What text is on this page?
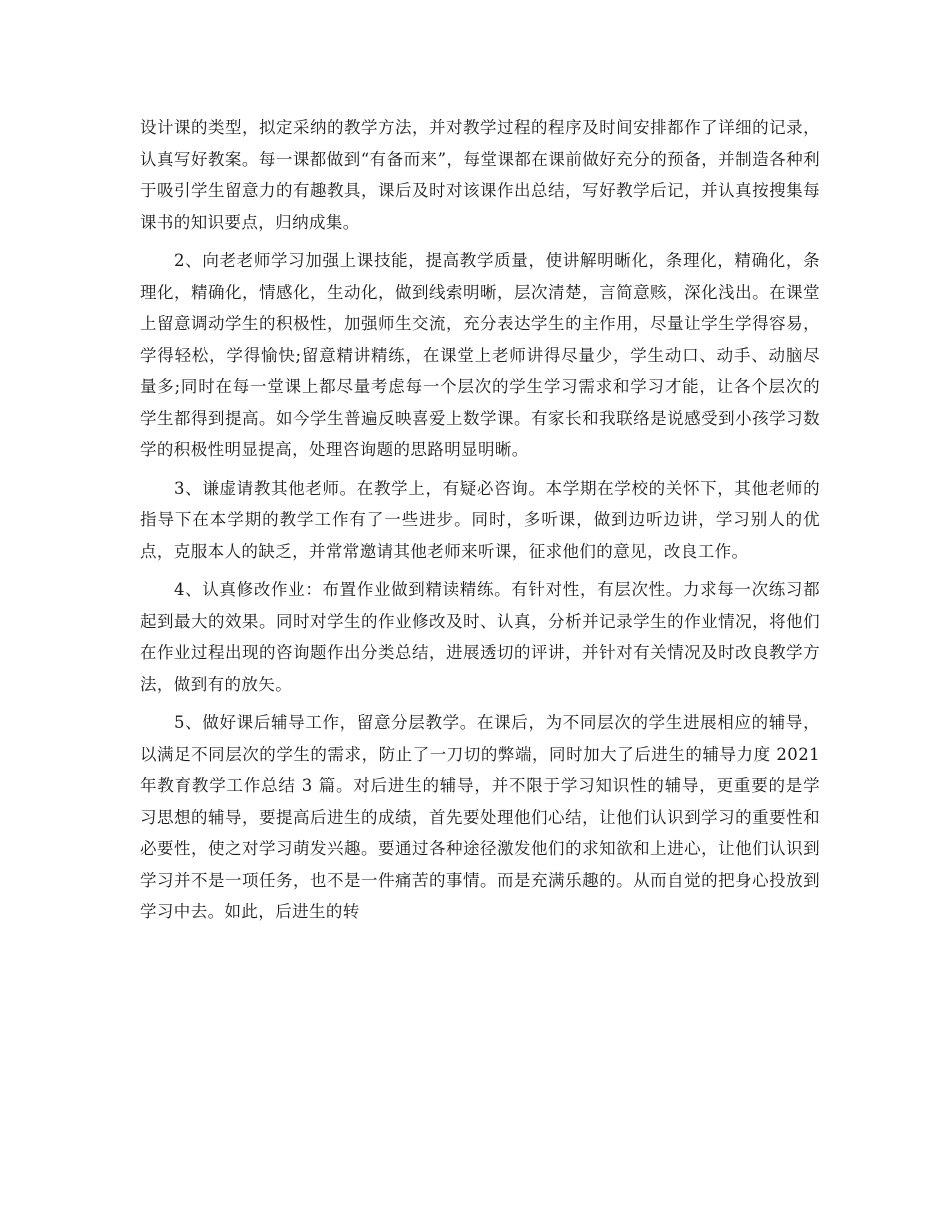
设计课的类型，拟定采纳的教学方法，并对教学过程的程序及时间安排都作了详细的记录，认真写好教案。每一课都做到“有备而来”，每堂课都在课前做好充分的预备，并制造各种利于吸引学生留意力的有趣教具，课后及时对该课作出总结，写好教学后记，并认真按搜集每课书的知识要点，归纳成集。

2、向老老师学习加强上课技能，提高教学质量，使讲解明晰化，条理化，精确化，条理化，精确化，情感化，生动化，做到线索明晰，层次清楚，言简意赅，深化浅出。在课堂上留意调动学生的积极性，加强师生交流，充分表达学生的主作用，尽量让学生学得容易，学得轻松，学得愉快;留意精讲精练，在课堂上老师讲得尽量少，学生动口、动手、动脑尽量多;同时在每一堂课上都尽量考虑每一个层次的学生学习需求和学习才能，让各个层次的学生都得到提高。如今学生普遍反映喜爱上数学课。有家长和我联络是说感受到小孩学习数学的积极性明显提高，处理咨询题的思路明显明晰。

3、谦虚请教其他老师。在教学上，有疑必咨询。本学期在学校的关怀下，其他老师的指导下在本学期的教学工作有了一些进步。同时，多听课，做到边听边讲，学习别人的优点，克服本人的缺乏，并常常邀请其他老师来听课，征求他们的意见，改良工作。

4、认真修改作业：布置作业做到精读精练。有针对性，有层次性。力求每一次练习都起到最大的效果。同时对学生的作业修改及时、认真，分析并记录学生的作业情况，将他们在作业过程出现的咨询题作出分类总结，进展透切的评讲，并针对有关情况及时改良教学方法，做到有的放矢。

5、做好课后辅导工作，留意分层教学。在课后，为不同层次的学生进展相应的辅导，以满足不同层次的学生的需求，防止了一刀切的弊端，同时加大了后进生的辅导力度 2021 年教育教学工作总结 3 篇。对后进生的辅导，并不限于学习知识性的辅导，更重要的是学习思想的辅导，要提高后进生的成绩，首先要处理他们心结，让他们认识到学习的重要性和必要性，使之对学习萌发兴趣。要通过各种途径激发他们的求知欲和上进心，让他们认识到学习并不是一项任务，也不是一件痛苦的事情。而是充满乐趣的。从而自觉的把身心投放到学习中去。如此，后进生的转
